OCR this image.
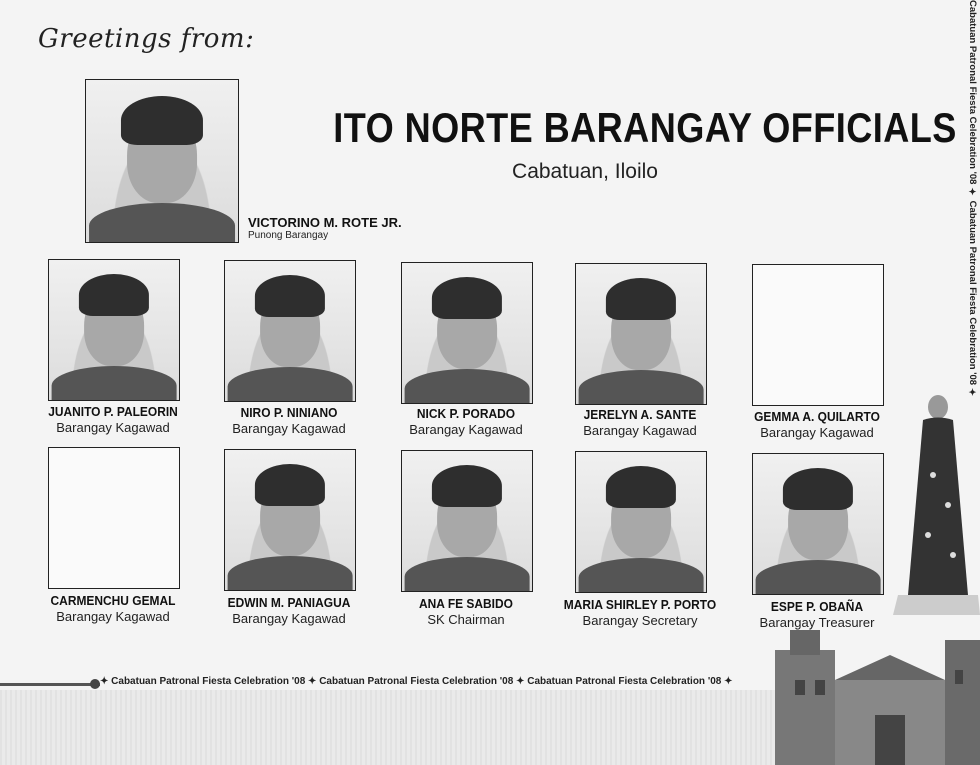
Greetings from:
ITO NORTE BARANGAY OFFICIALS
Cabatuan, Iloilo
VICTORINO M. ROTE JR.
Punong Barangay
JUANITO P. PALEORIN
Barangay Kagawad
NIRO P. NINIANO
Barangay Kagawad
NICK P. PORADO
Barangay Kagawad
JERELYN A. SANTE
Barangay Kagawad
GEMMA A. QUILARTO
Barangay Kagawad
CARMENCHU GEMAL
Barangay Kagawad
EDWIN M. PANIAGUA
Barangay Kagawad
ANA FE SABIDO
SK Chairman
MARIA SHIRLEY P. PORTO
Barangay Secretary
ESPE P. OBAÑA
Barangay Treasurer
Cabatuan Patronal Fiesta Celebration '08 ✦ Cabatuan Patronal Fiesta Celebration '08 ✦
✦ Cabatuan Patronal Fiesta Celebration '08 ✦ Cabatuan Patronal Fiesta Celebration '08 ✦ Cabatuan Patronal Fiesta Celebration '08 ✦
